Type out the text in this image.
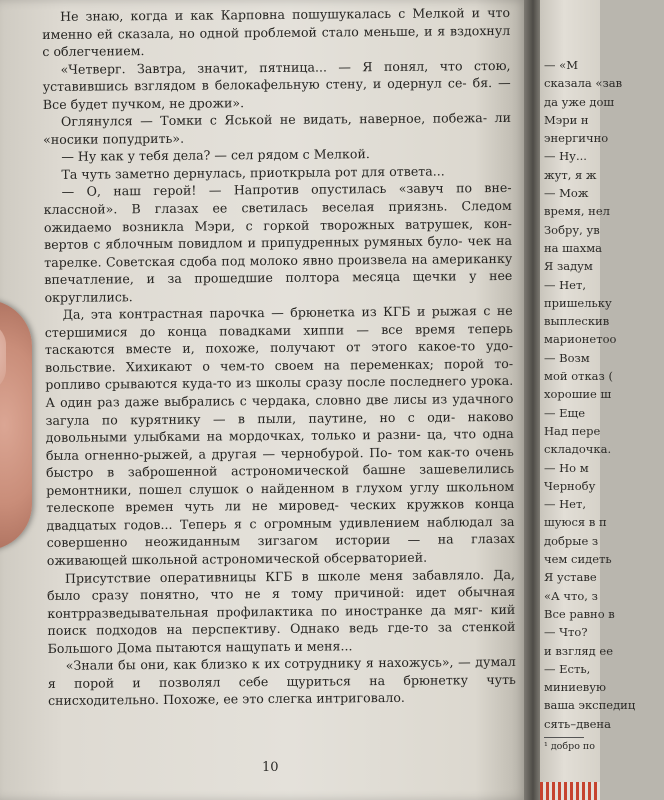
Не знаю, когда и как Карповна пошушукалась с Мелкой и что именно ей сказала, но одной проблемой стало меньше, и я вздохнул с облегчением.

«Четверг. Завтра, значит, пятница... — Я понял, что стою, уставившись взглядом в белокафельную стену, и одернул се- бя. — Все будет пучком, не дрожи».

Оглянулся — Томки с Яськой не видать, наверное, побежа- ли «носики попудрить».

— Ну как у тебя дела? — сел рядом с Мелкой.

Та чуть заметно дернулась, приоткрыла рот для ответа...

— О, наш герой! — Напротив опустилась «завуч по вне- классной». В глазах ее светилась веселая приязнь. Следом ожидаемо возникла Мэри, с горкой творожных ватрушек, кон- вертов с яблочным повидлом и припудренных румяных було- чек на тарелке. Советская сдоба под молоко явно произвела на американку впечатление, и за прошедшие полтора месяца щечки у нее округлились.

Да, эта контрастная парочка — брюнетка из КГБ и рыжая с не стершимися до конца повадками хиппи — все время теперь таскаются вместе и, похоже, получают от этого какое-то удо- вольствие. Хихикают о чем-то своем на переменках; порой то- ропливо срываются куда-то из школы сразу после последнего урока. А один раз даже выбрались с чердака, словно две лисы из удачного загула по курятнику — в пыли, паутине, но с оди- наково довольными улыбками на мордочках, только и разни- ца, что одна была огненно-рыжей, а другая — чернобурой. По- том как-то очень быстро в заброшенной астрономической башне зашевелились ремонтники, пошел слушок о найденном в глухом углу школьном телескопе времен чуть ли не мировед- ческих кружков конца двадцатых годов... Теперь я с огромным удивлением наблюдал за совершенно неожиданным зигзагом истории — на глазах оживающей школьной астрономической обсерваторией.

Присутствие оперативницы КГБ в школе меня забавляло. Да, было сразу понятно, что не я тому причиной: идет обычная контрразведывательная профилактика по иностранке да мяг- кий поиск подходов на перспективу. Однако ведь где-то за стенкой Большого Дома пытаются нащупать и меня...

«Знали бы они, как близко к их сотруднику я нахожусь», — думал я порой и позволял себе щуриться на брюнетку чуть снисходительно. Похоже, ее это слегка интриговало.

10
— «М
сказала «зав
да уже дош
Мэри н
энергично
— Ну...
жут, я ж
— Мож
время, нел
Зобру, ув
на шахма
Я задум
— Нет,
пришельку
выплескив
марионетоо
— Возм
мой отказ (
хорошие ш
— Еще
Над пере
складочка.
— Но м
Чернобу
— Нет,
шуюся в п
добрые з
чем сидеть
Я уставе
«А что, з
Все равно в
— Что?
и взгляд ее
— Есть,
миниевую
ваша экспедиц
сять–двена
¹ добро по
